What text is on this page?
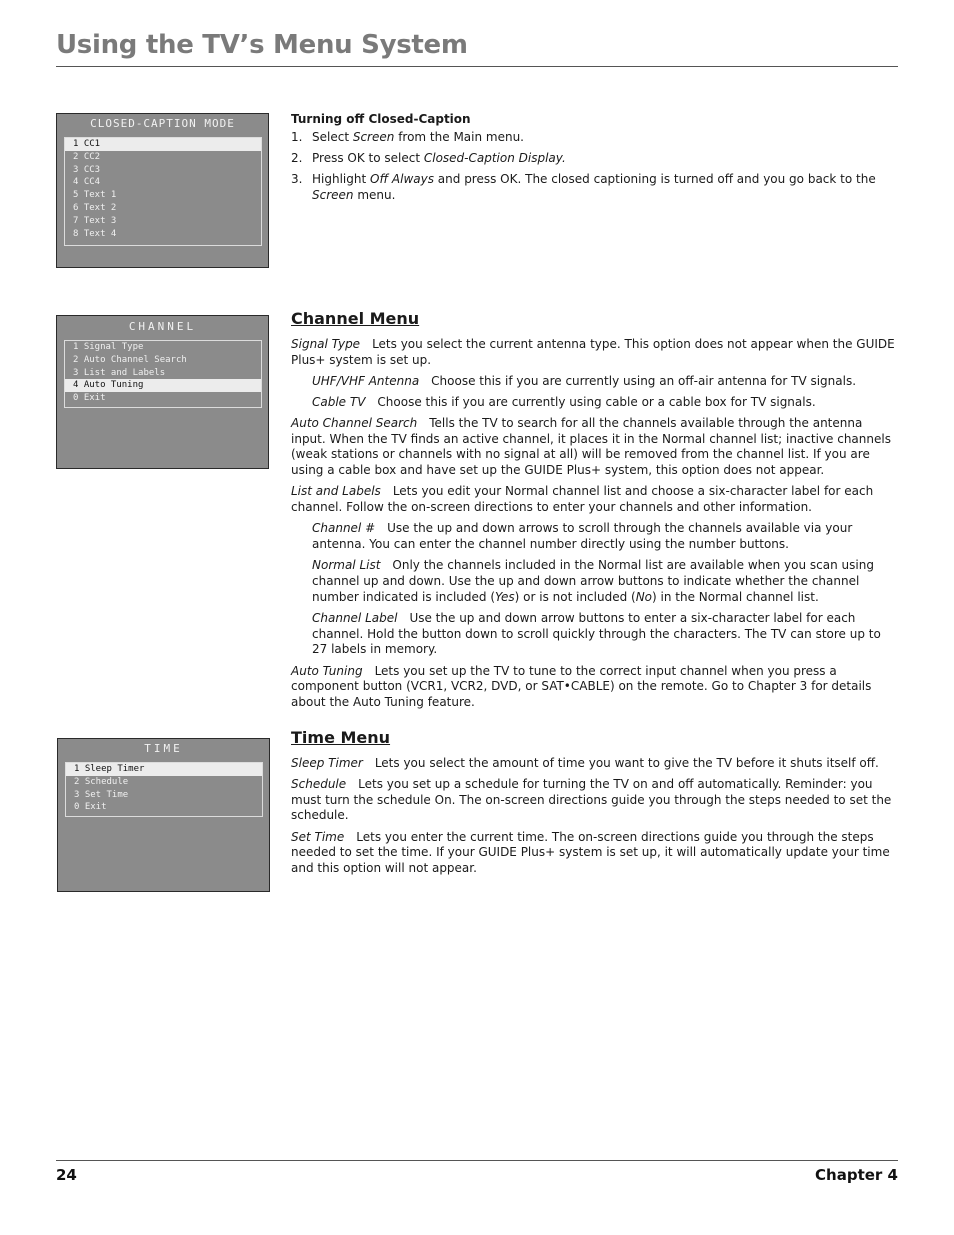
Using the TV’s Menu System
CLOSED-CAPTION MODE
1 CC1
2 CC2
3 CC3
4 CC4
5 Text 1
6 Text 2
7 Text 3
8 Text 4
CHANNEL
1 Signal Type
2 Auto Channel Search
3 List and Labels
4 Auto Tuning
0 Exit
TIME
1 Sleep Timer
2 Schedule
3 Set Time
0 Exit

Turning off Closed-Caption

1. Select Screen from the Main menu.
2. Press OK to select Closed-Caption Display.
3. Highlight Off Always and press OK. The closed captioning is turned off and you go back to the Screen menu.

Channel Menu

Signal Type Lets you select the current antenna type. This option does not appear when the GUIDE Plus+ system is set up.

UHF/VHF Antenna Choose this if you are currently using an off-air antenna for TV signals.

Cable TV Choose this if you are currently using cable or a cable box for TV signals.

Auto Channel Search Tells the TV to search for all the channels available through the antenna input. When the TV finds an active channel, it places it in the Normal channel list; inactive channels (weak stations or channels with no signal at all) will be removed from the channel list. If you are using a cable box and have set up the GUIDE Plus+ system, this option does not appear.

List and Labels Lets you edit your Normal channel list and choose a six-character label for each channel. Follow the on-screen directions to enter your channels and other information.

Channel # Use the up and down arrows to scroll through the channels available via your antenna. You can enter the channel number directly using the number buttons.

Normal List Only the channels included in the Normal list are available when you scan using channel up and down. Use the up and down arrow buttons to indicate whether the channel number indicated is included (Yes) or is not included (No) in the Normal channel list.

Channel Label Use the up and down arrow buttons to enter a six-character label for each channel. Hold the button down to scroll quickly through the characters. The TV can store up to 27 labels in memory.

Auto Tuning Lets you set up the TV to tune to the correct input channel when you press a component button (VCR1, VCR2, DVD, or SAT•CABLE) on the remote. Go to Chapter 3 for details about the Auto Tuning feature.

Time Menu

Sleep Timer Lets you select the amount of time you want to give the TV before it shuts itself off.

Schedule Lets you set up a schedule for turning the TV on and off automatically. Reminder: you must turn the schedule On. The on-screen directions guide you through the steps needed to set the schedule.

Set Time Lets you enter the current time. The on-screen directions guide you through the steps needed to set the time. If your GUIDE Plus+ system is set up, it will automatically update your time and this option will not appear.

24	Chapter 4
